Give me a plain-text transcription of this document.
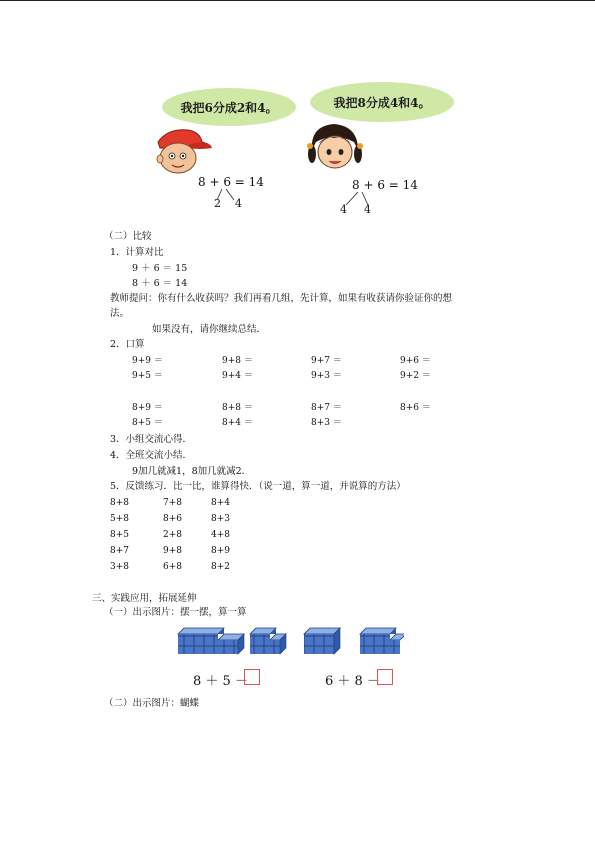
我把6分成2和4。	我把8分成4和4。
8 + 6 = 14
2 4
8 + 6 = 14
4 4
（二）比较
1．计算对比
9 ＋ 6 ＝ 15
8 ＋ 6 ＝ 14
教师提问：你有什么收获吗？我们再看几组，先计算，如果有收获请你验证你的想
法。
如果没有，请你继续总结．
2．口算
9+9 ＝	9+8 ＝	9+7 ＝	9+6 ＝
9+5 ＝	9+4 ＝	9+3 ＝	9+2 ＝
8+9 ＝	8+8 ＝	8+7 ＝	8+6 ＝
8+5 ＝	8+4 ＝	8+3 ＝
3．小组交流心得．
4．全班交流小结．
9加几就减1，8加几就减2．
5．反馈练习．比一比，谁算得快．（说一道，算一道，并说算的方法）
8+8	7+8	8+4
5+8	8+6	8+3
8+5	2+8	4+8
8+7	9+8	8+9
3+8	6+8	8+2
三、实践应用，拓展延伸
（一）出示图片：摆一摆，算一算
8 ＋ 5 －	6 ＋ 8 －
（二）出示图片：蝴蝶
